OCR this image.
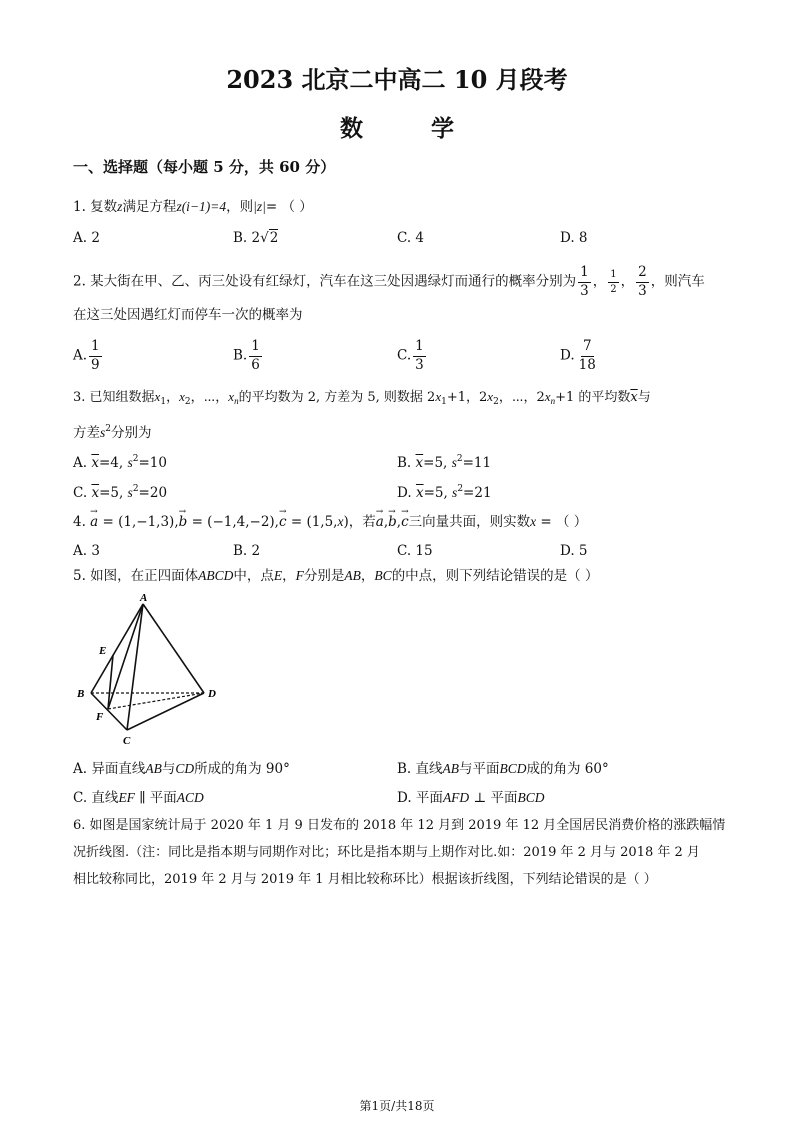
2023 北京二中高二 10 月段考
数 学
一、选择题（每小题 5 分，共 60 分）
1. 复数z满足方程z(i−1)=4，则|z|= （ ）
A. 2	B. 2√2	C. 4	D. 8
2. 某大街在甲、乙、丙三处设有红绿灯，汽车在这三处因遇绿灯而通行的概率分别为 $\frac{1}{3}$ ， $\frac{1}{2}$ ， $\frac{2}{3}$ ，则汽车
在这三处因遇红灯而停车一次的概率为
A. $\frac{1}{9}$	B. $\frac{1}{6}$	C. $\frac{1}{3}$	D. $\frac{7}{18}$
3. 已知组数据$x_1$，$x_2$，⋯，$x_n$的平均数为 2, 方差为 5, 则数据 $2x_1+1$，$2x_2$，⋯，$2x_n+1$ 的平均数$\overline{x}$与
方差$s^2$分别为
A. $\overline{x}=4$, $s^2=10$	B. $\overline{x}=5$, $s^2=11$
C. $\overline{x}=5$, $s^2=20$	D. $\overline{x}=5$, $s^2=21$
4. → a = (1,−1,3),→ b = (−1,4,−2),→ c = (1,5,x)，若→ a,→ b,→ c三向量共面，则实数x = （ ）
A. 3	B. 2	C. 15	D. 5
5. 如图，在正四面体ABCD中，点E，F分别是AB，BC的中点，则下列结论错误的是（ ）
A
B
C
D
E
F
A. 异面直线AB与CD所成的角为 90°	B. 直线AB与平面BCD成的角为 60°
C. 直线EF ∥ 平面ACD	D. 平面AFD ⊥ 平面BCD
6. 如图是国家统计局于 2020 年 1 月 9 日发布的 2018 年 12 月到 2019 年 12 月全国居民消费价格的涨跌幅情
况折线图.（注：同比是指本期与同期作对比；环比是指本期与上期作对比.如：2019 年 2 月与 2018 年 2 月
相比较称同比，2019 年 2 月与 2019 年 1 月相比较称环比）根据该折线图，下列结论错误的是（ ）
第1页/共18页
